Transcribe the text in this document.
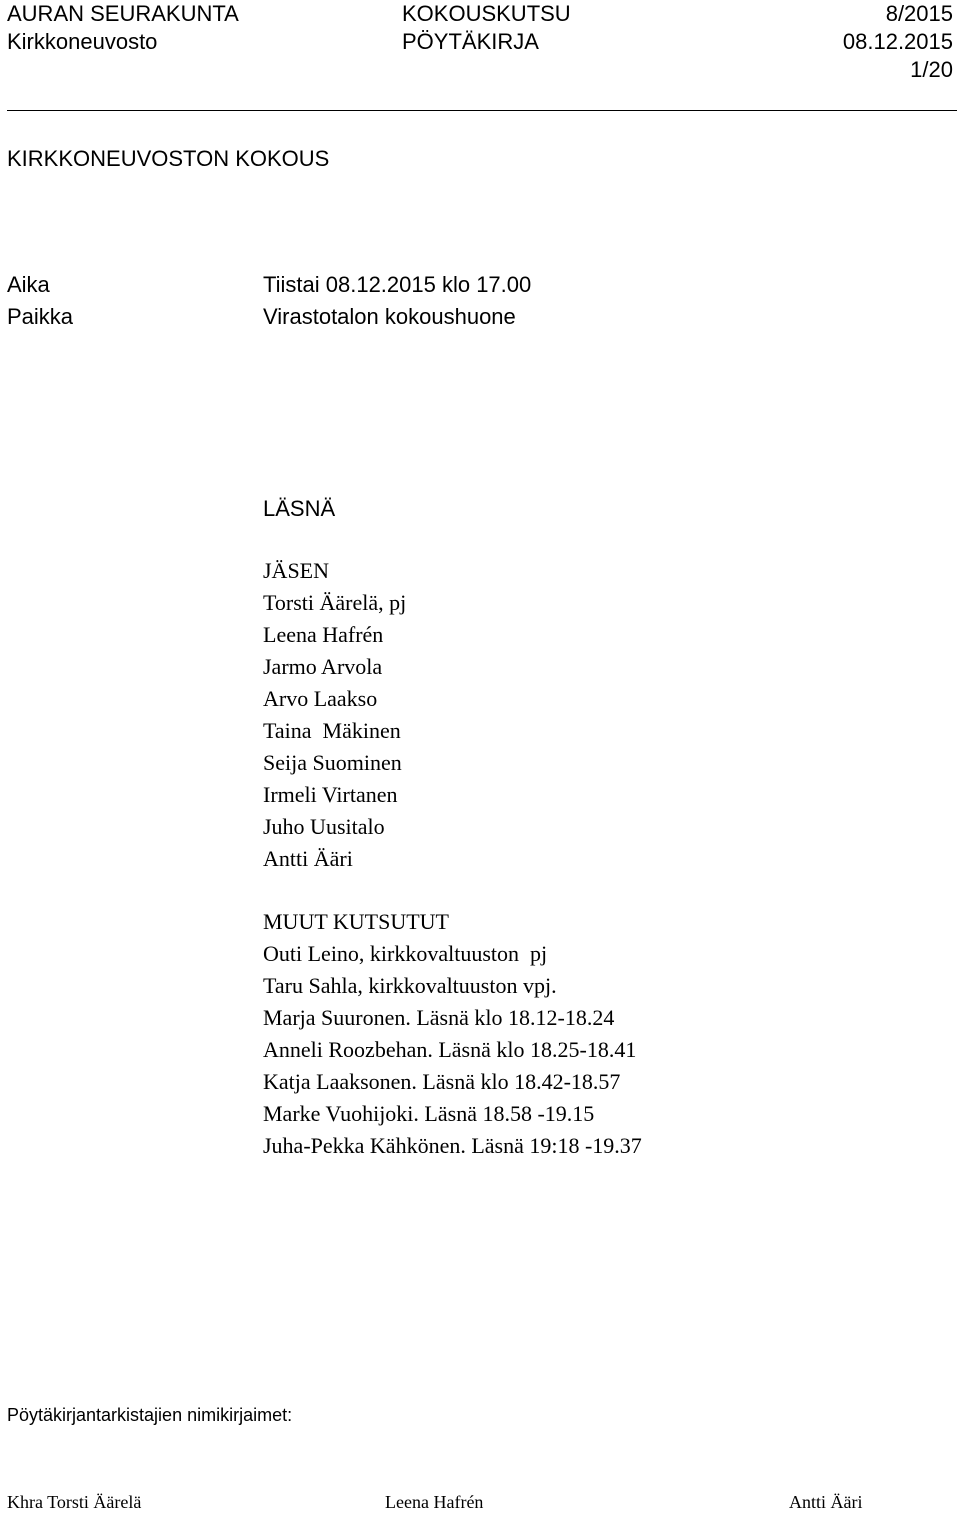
AURAN SEURAKUNTA
Kirkkoneuvosto
KOKOUSKUTSU
PÖYTÄKIRJA
8/2015
08.12.2015
1/20
KIRKKONEUVOSTON KOKOUS
Aika	Tiistai 08.12.2015 klo 17.00
Paikka	Virastotalon kokoushuone
LÄSNÄ
JÄSEN
Torsti Äärelä, pj
Leena Hafrén
Jarmo Arvola
Arvo Laakso
Taina  Mäkinen
Seija Suominen
Irmeli Virtanen
Juho Uusitalo
Antti Ääri
MUUT KUTSUTUT
Outi Leino, kirkkovaltuuston  pj
Taru Sahla, kirkkovaltuuston vpj.
Marja Suuronen. Läsnä klo 18.12-18.24
Anneli Roozbehan. Läsnä klo 18.25-18.41
Katja Laaksonen. Läsnä klo 18.42-18.57
Marke Vuohijoki. Läsnä 18.58 -19.15
Juha-Pekka Kähkönen. Läsnä 19:18 -19.37
Pöytäkirjantarkistajien nimikirjaimet:
Khra Torsti Äärelä	Leena Hafrén	Antti Ääri
